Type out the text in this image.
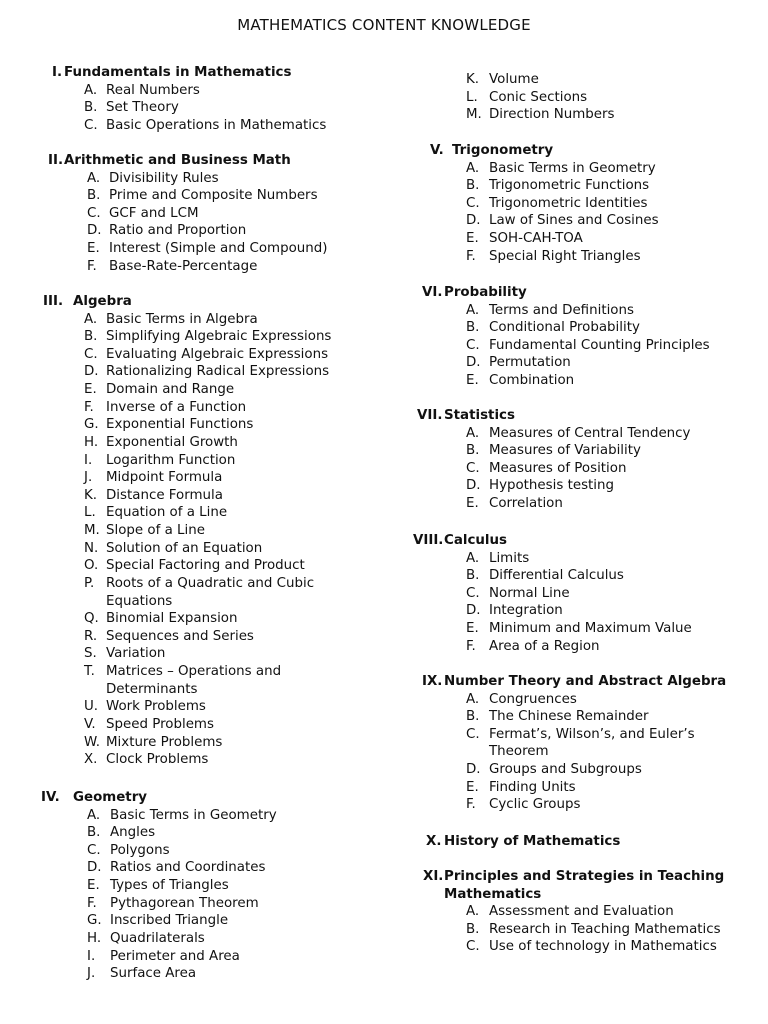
MATHEMATICS CONTENT KNOWLEDGE
I. Fundamentals in Mathematics
A. Real Numbers
B. Set Theory
C. Basic Operations in Mathematics
II. Arithmetic and Business Math
A. Divisibility Rules
B. Prime and Composite Numbers
C. GCF and LCM
D. Ratio and Proportion
E. Interest (Simple and Compound)
F. Base-Rate-Percentage
III. Algebra
A. Basic Terms in Algebra
B. Simplifying Algebraic Expressions
C. Evaluating Algebraic Expressions
D. Rationalizing Radical Expressions
E. Domain and Range
F. Inverse of a Function
G. Exponential Functions
H. Exponential Growth
I. Logarithm Function
J. Midpoint Formula
K. Distance Formula
L. Equation of a Line
M. Slope of a Line
N. Solution of an Equation
O. Special Factoring and Product
P. Roots of a Quadratic and Cubic
Equations
Q. Binomial Expansion
R. Sequences and Series
S. Variation
T. Matrices – Operations and
Determinants
U. Work Problems
V. Speed Problems
W. Mixture Problems
X. Clock Problems
IV. Geometry
A. Basic Terms in Geometry
B. Angles
C. Polygons
D. Ratios and Coordinates
E. Types of Triangles
F. Pythagorean Theorem
G. Inscribed Triangle
H. Quadrilaterals
I. Perimeter and Area
J. Surface Area
K. Volume
L. Conic Sections
M. Direction Numbers
V. Trigonometry
A. Basic Terms in Geometry
B. Trigonometric Functions
C. Trigonometric Identities
D. Law of Sines and Cosines
E. SOH-CAH-TOA
F. Special Right Triangles
VI. Probability
A. Terms and Definitions
B. Conditional Probability
C. Fundamental Counting Principles
D. Permutation
E. Combination
VII. Statistics
A. Measures of Central Tendency
B. Measures of Variability
C. Measures of Position
D. Hypothesis testing
E. Correlation
VIII. Calculus
A. Limits
B. Differential Calculus
C. Normal Line
D. Integration
E. Minimum and Maximum Value
F. Area of a Region
IX. Number Theory and Abstract Algebra
A. Congruences
B. The Chinese Remainder
C. Fermat’s, Wilson’s, and Euler’s
Theorem
D. Groups and Subgroups
E. Finding Units
F. Cyclic Groups
X. History of Mathematics
XI. Principles and Strategies in Teaching
Mathematics
A. Assessment and Evaluation
B. Research in Teaching Mathematics
C. Use of technology in Mathematics
